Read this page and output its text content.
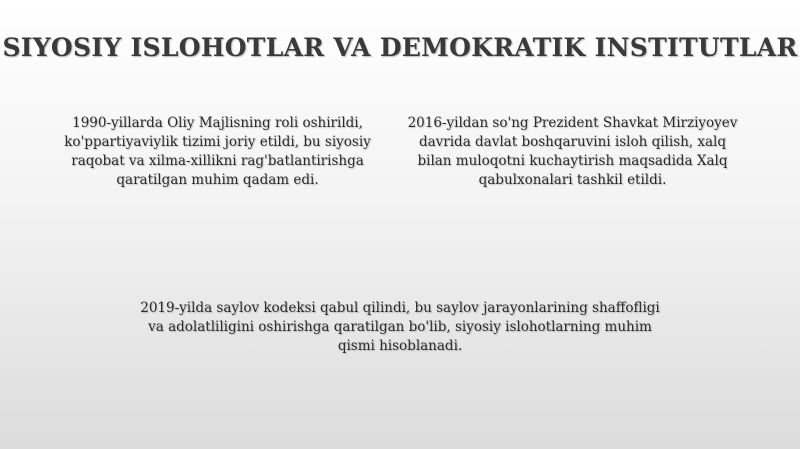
SIYOSIY ISLOHOTLAR VA DEMOKRATIK INSTITUTLAR

1990-yillarda Oliy Majlisning roli oshirildi, ko'ppartiyaviylik tizimi joriy etildi, bu siyosiy raqobat va xilma-xillikni rag'batlantirishga qaratilgan muhim qadam edi.

2016-yildan so'ng Prezident Shavkat Mirziyoyev davrida davlat boshqaruvini isloh qilish, xalq bilan muloqotni kuchaytirish maqsadida Xalq qabulxonalari tashkil etildi.

2019-yilda saylov kodeksi qabul qilindi, bu saylov jarayonlarining shaffofligi va adolatliligini oshirishga qaratilgan bo'lib, siyosiy islohotlarning muhim qismi hisoblanadi.
